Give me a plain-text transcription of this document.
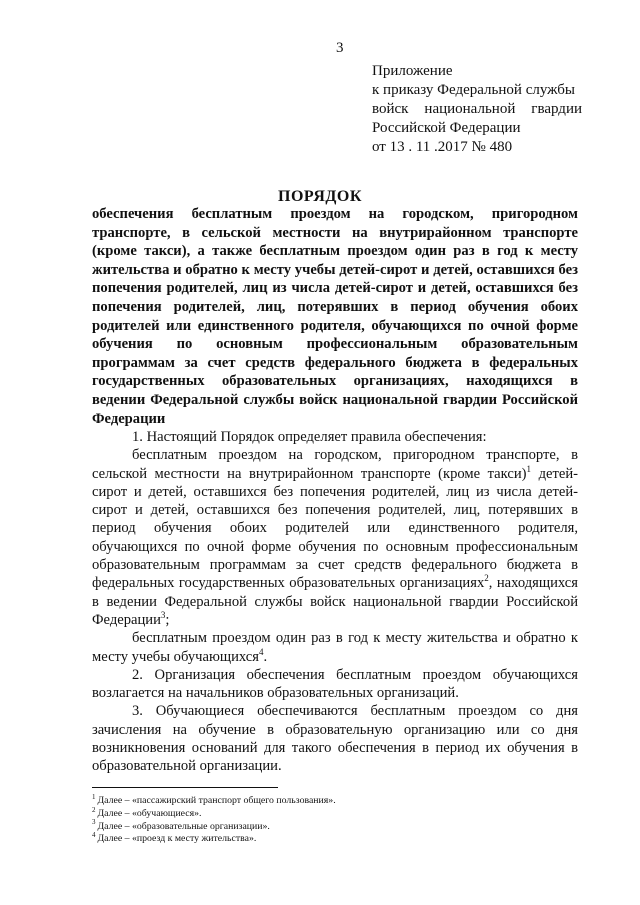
3
Приложение
к приказу Федеральной службы
войск национальной гвардии
Российской Федерации
от 13 . 11 .2017 № 480
ПОРЯДОК
обеспечения бесплатным проездом на городском, пригородном транспорте, в сельской местности на внутрирайонном транспорте (кроме такси), а также бесплатным проездом один раз в год к месту жительства и обратно к месту учебы детей-сирот и детей, оставшихся без попечения родителей, лиц из числа детей-сирот и детей, оставшихся без попечения родителей, лиц, потерявших в период обучения обоих родителей или единственного родителя, обучающихся по очной форме обучения по основным профессиональным образовательным программам за счет средств федерального бюджета в федеральных государственных образовательных организациях, находящихся в ведении Федеральной службы войск национальной гвардии Российской Федерации

1. Настоящий Порядок определяет правила обеспечения:

бесплатным проездом на городском, пригородном транспорте, в сельской местности на внутрирайонном транспорте (кроме такси)$^1$ детей-сирот и детей, оставшихся без попечения родителей, лиц из числа детей-сирот и детей, оставшихся без попечения родителей, лиц, потерявших в период обучения обоих родителей или единственного родителя, обучающихся по очной форме обучения по основным профессиональным образовательным программам за счет средств федерального бюджета в федеральных государственных образовательных организациях$^2$, находящихся в ведении Федеральной службы войск национальной гвардии Российской Федерации$^3$;

бесплатным проездом один раз в год к месту жительства и обратно к месту учебы обучающихся$^4$.

2. Организация обеспечения бесплатным проездом обучающихся возлагается на начальников образовательных организаций.

3. Обучающиеся обеспечиваются бесплатным проездом со дня зачисления на обучение в образовательную организацию или со дня возникновения оснований для такого обеспечения в период их обучения в образовательной организации.

$^1$ Далее – «пассажирский транспорт общего пользования».
$^2$ Далее – «обучающиеся».
$^3$ Далее – «образовательные организации».
$^4$ Далее – «проезд к месту жительства».
